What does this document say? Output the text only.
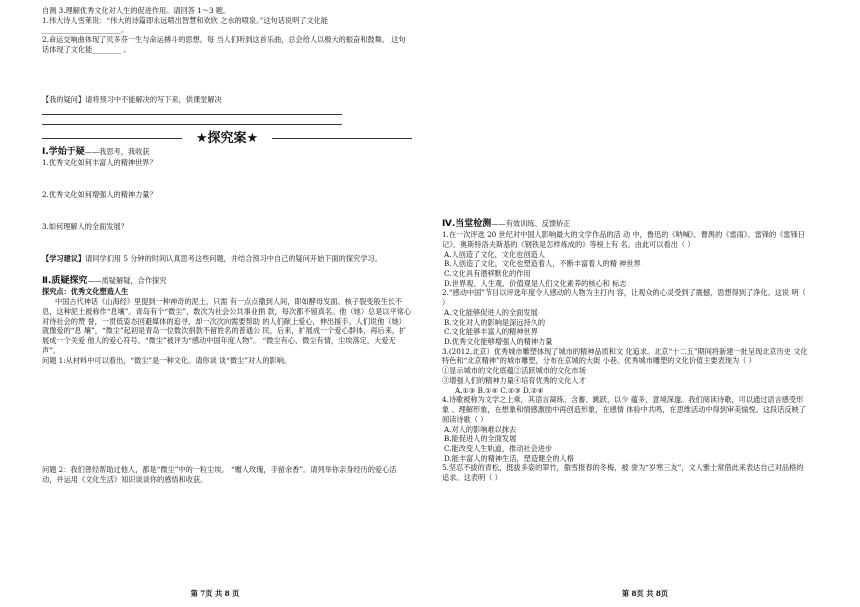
自测 3.理解优秀文化对人生的促进作用。请回答 1～3 题。

1.伟大诗人雪莱说：“伟大的诗篇即永远喷出智慧和欢欣 之水的喷泉。”这句话说明了文化能

______________________。

2.命运交响曲体现了贝多芬一生与命运搏斗的思想。每 当人们听到这首乐曲，总会给人以极大的振奋和鼓舞。 这句话体现了文化能________ 。

【我的疑问】请将预习中不能解决的写下来，供课堂解决

★探究案★

Ⅰ.学始于疑——我思考，我收获

1.优秀文化如何丰富人的精神世界？

2.优秀文化如何增强人的精神力量？

3.如何理解人的全面发展？

【学习建议】请同学们用 5 分钟的时间认真思考这些问题，并结合预习中自己的疑问开始下面的探究学习。

Ⅱ.质疑探究——质疑解疑，合作探究

探究点：优秀文化塑造人生

中国古代神话《山海经》里提到一种神奇的泥土，只需 有一点点撒到人间，即如酵母发面、核子裂变般生长不息，这种泥土被称作“息壤”。青岛有个“微尘”，数次为社会公共事业捐 款，每次都不留真名。他（她）总是以平常心对待社会的赞 誉，一贯低姿态回避媒体的追寻，却一次次向需要帮助 的人们献上爱心，伸出援手。人们说他（她）就像爱的“息 壤”，“微尘”起初是青岛一位数次捐款不留姓名的普通公 民，后来，扩展成一个爱心群体，再后来，扩展成一个关爱 他人的爱心符号。“微尘”被评为“感动中国年度人物”。 “微尘有心，微尘有情，尘埃落定，大爱无声”。

问题 1:从材料中可以看出，“微尘”是一种文化。请你谈 谈“微尘”对人的影响。

问题 2：我们曾经帮助过他人，都是“微尘”中的一粒尘埃。 “赠人玫瑰，手留余香”。请列举你亲身经历的爱心活 动，并运用《文化生活》知识谈谈你的感悟和收获。

第 7页 共 8 页

Ⅳ.当堂检测——有效训练、反馈矫正

1.在一次评选 20 世纪对中国人影响最大的文学作品的活 动 中，鲁迅的《呐喊》、曹禺的《雷雨》、雷锋的《雷锋日 记》、奥斯特洛夫斯基的《钢铁是怎样炼成的》等榜上有 名。由此可以看出（ ）

A.人创造了文化，文化也创造人

B.人创造了文化，文化也塑造着人，不断丰富着人的精 神世界

C.文化具有潜移默化的作用

D.世界观、人生观、价值观是人们文化素养的核心和 标志

2.“感动中国”节目以评选年度令人感动的人物为主打内 容，让观众的心灵受到了震撼，思想得到了净化。这说 明（ ）

A.文化能够促进人的全面发展

B.文化对人的影响是深远持久的

C.文化能够丰富人的精神世界

D.优秀文化能够增强人的精神力量

3.(2012,北京）优秀城市雕塑体现了城市的精神品质和文 化追求。北京“十二五”期间将新建一批呈现北京历史 文化特色和“北京精神”的城市雕塑，分布在京城的大街 小巷。优秀城市雕塑的文化价值主要表现为（ ）

①显示城市的文化底蕴②活跃城市的文化市场

③增强人们的精神力量④培育优秀的文化人才

A.①③ B.①④ C.②③ D.②④

4.诗歌被称为文学之上乘，其语言凝练、含蓄、跳跃，以少 蕴多，意境深邃。我们阅读诗歌，可以通过语言感受形 象 、理解形象，在想象和情感激励中再创造形象，在感情 体验中共鸣，在思维活动中得到审美愉悦。这段话反映了阅读诗歌（ ）

A.对人的影响难以抹去

B.能促进人的全面发展

C.能改变人生轨道，推动社会进步

D.能丰富人的精神生活，塑造健全的人格

5.坚忍不拔的青松，挺拔多姿的翠竹，傲雪报春的冬梅，被 誉为“岁寒三友”，文人雅士常借此来表达自己对品格的 追求。这表明（ ）

第 8页 共 8页
